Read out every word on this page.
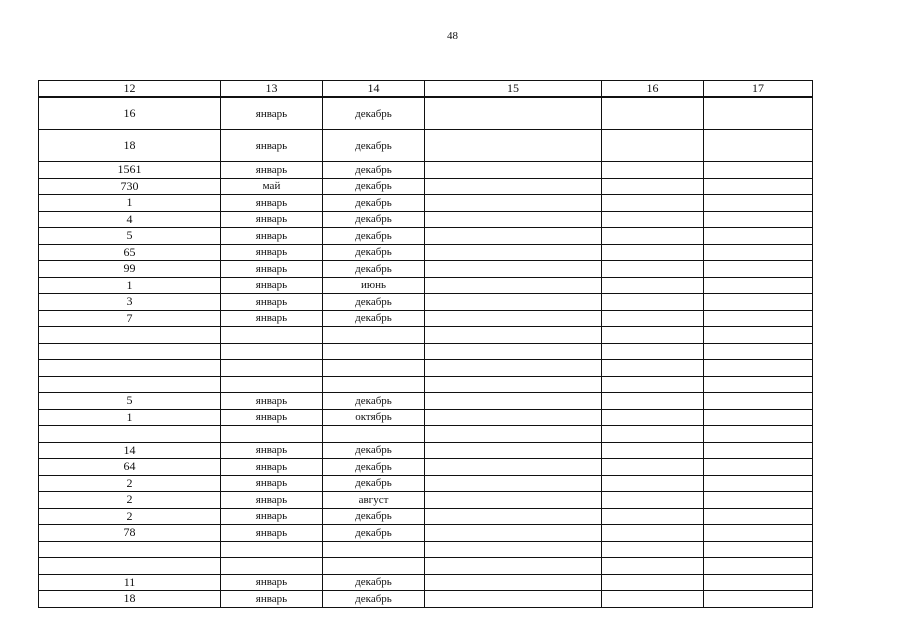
48
12	13	14	15	16	17
16	январь	декабрь			
18	январь	декабрь			
1561	январь	декабрь			
730	май	декабрь			
1	январь	декабрь			
4	январь	декабрь			
5	январь	декабрь			
65	январь	декабрь			
99	январь	декабрь			
1	январь	июнь			
3	январь	декабрь			
7	январь	декабрь			

5	январь	декабрь			
1	январь	октябрь			

14	январь	декабрь			
64	январь	декабрь			
2	январь	декабрь			
2	январь	август			
2	январь	декабрь			
78	январь	декабрь			

11	январь	декабрь			
18	январь	декабрь			
